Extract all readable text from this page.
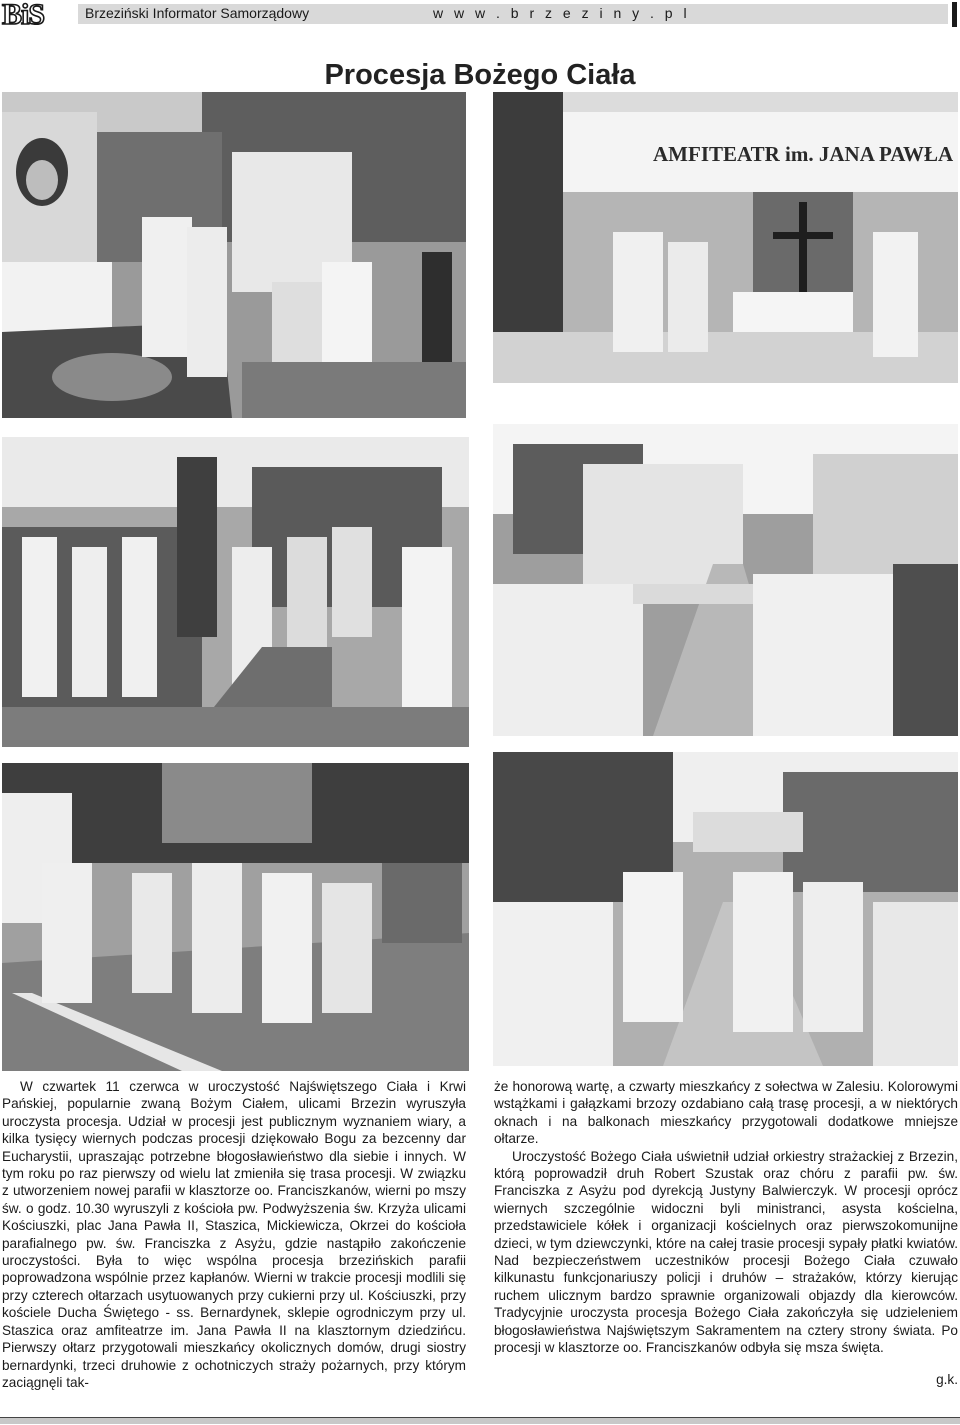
BiS	Brzeziński Informator Samorządowy	w w w . b r z e z i n y . p l
Procesja Bożego Ciała
AMFITEATR im. JANA PAWŁA

W czwartek 11 czerwca w uroczystość Najświętszego Ciała i Krwi Pańskiej, popularnie zwaną Bożym Ciałem, ulicami Brzezin wyruszyła uroczysta procesja. Udział w procesji jest publicznym wyznaniem wiary, a kilka tysięcy wiernych podczas procesji dziękowało Bogu za bezcenny dar Eucharystii, upraszając potrzebne błogosławieństwo dla siebie i innych. W tym roku po raz pierwszy od wielu lat zmieniła się trasa procesji. W związku z utworzeniem nowej parafii w klasztorze oo. Franciszkanów, wierni po mszy św. o godz. 10.30 wyruszyli z kościoła pw. Podwyższenia św. Krzyża ulicami Kościuszki, plac Jana Pawła II, Staszica, Mickiewicza, Okrzei do kościoła parafialnego pw. św. Franciszka z Asyżu, gdzie nastąpiło zakończenie uroczystości. Była to więc wspólna procesja brzezińskich parafii poprowadzona wspólnie przez kapłanów. Wierni w trakcie procesji modlili się przy czterech ołtarzach usytuowanych przy cukierni przy ul. Kościuszki, przy kościele Ducha Świętego - ss. Bernardynek, sklepie ogrodniczym przy ul. Staszica oraz amfiteatrze im. Jana Pawła II na klasztornym dziedzińcu. Pierwszy ołtarz przygotowali mieszkańcy okolicznych domów, drugi siostry bernardynki, trzeci druhowie z ochotniczych straży pożarnych, przy którym zaciągnęli tak-

że honorową wartę, a czwarty mieszkańcy z sołectwa w Zalesiu. Kolorowymi wstążkami i gałązkami brzozy ozdabiano całą trasę procesji, a w niektórych oknach i na balkonach mieszkańcy przygotowali dodatkowe mniejsze ołtarze.

Uroczystość Bożego Ciała uświetnił udział orkiestry strażackiej z Brzezin, którą poprowadził druh Robert Szustak oraz chóru z parafii pw. św. Franciszka z Asyżu pod dyrekcją Justyny Balwierczyk. W procesji oprócz wiernych szczególnie widoczni byli ministranci, asysta kościelna, przedstawiciele kółek i organizacji kościelnych oraz pierwszokomunijne dzieci, w tym dziewczynki, które na całej trasie procesji sypały płatki kwiatów. Nad bezpieczeństwem uczestników procesji Bożego Ciała czuwało kilkunastu funkcjonariuszy policji i druhów – strażaków, którzy kierując ruchem ulicznym bardzo sprawnie organizowali objazdy dla kierowców. Tradycyjnie uroczysta procesja Bożego Ciała zakończyła się udzieleniem błogosławieństwa Najświętszym Sakramentem na cztery strony świata. Po procesji w klasztorze oo. Franciszkanów odbyła się msza święta.

g.k.
